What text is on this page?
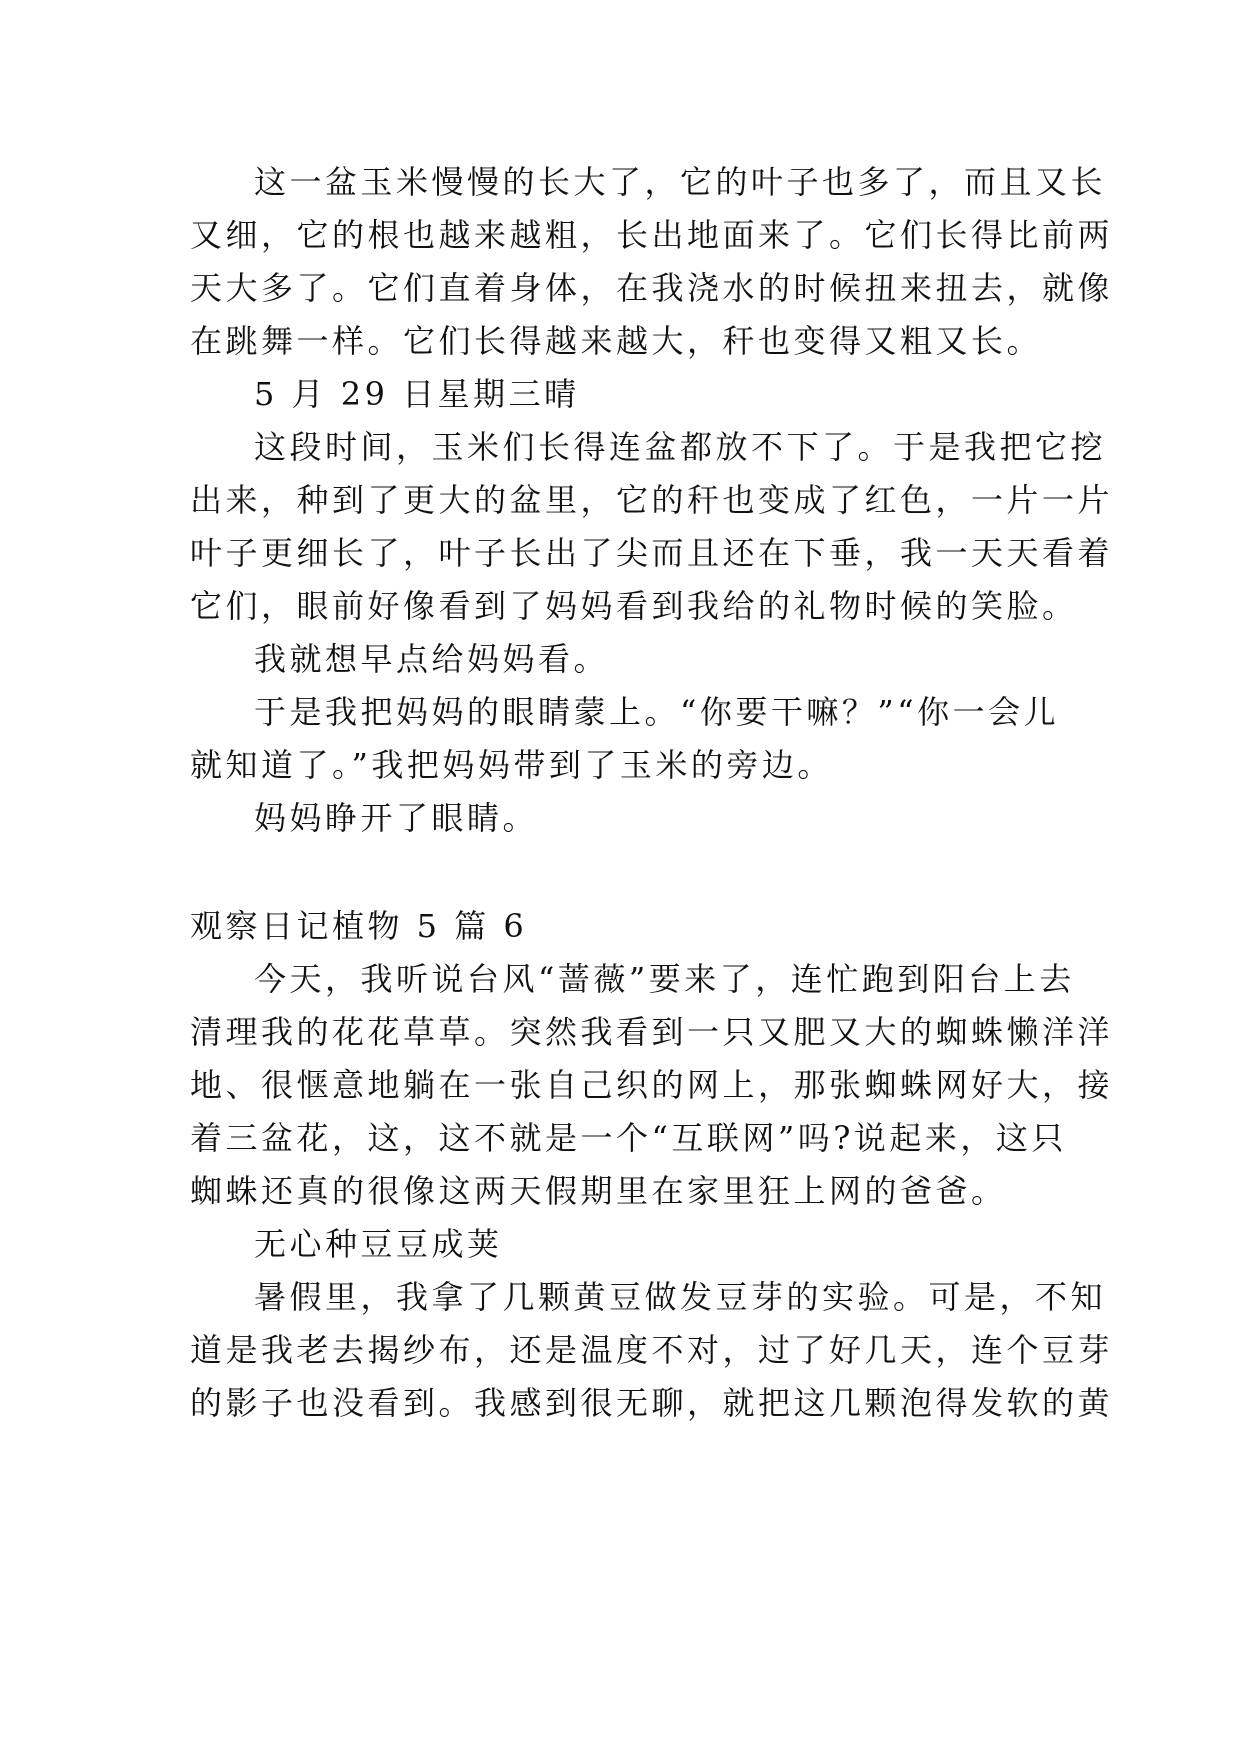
这一盆玉米慢慢的长大了，它的叶子也多了，而且又长
又细，它的根也越来越粗，长出地面来了。它们长得比前两
天大多了。它们直着身体，在我浇水的时候扭来扭去，就像
在跳舞一样。它们长得越来越大，秆也变得又粗又长。
5 月 29 日星期三晴
这段时间，玉米们长得连盆都放不下了。于是我把它挖
出来，种到了更大的盆里，它的秆也变成了红色，一片一片
叶子更细长了，叶子长出了尖而且还在下垂，我一天天看着
它们，眼前好像看到了妈妈看到我给的礼物时候的笑脸。
我就想早点给妈妈看。
于是我把妈妈的眼睛蒙上。“你要干嘛？”“你一会儿
就知道了。”我把妈妈带到了玉米的旁边。
妈妈睁开了眼睛。
观察日记植物 5 篇 6
今天，我听说台风“蔷薇”要来了，连忙跑到阳台上去
清理我的花花草草。突然我看到一只又肥又大的蜘蛛懒洋洋
地、很惬意地躺在一张自己织的网上，那张蜘蛛网好大，接
着三盆花，这，这不就是一个“互联网”吗?说起来，这只
蜘蛛还真的很像这两天假期里在家里狂上网的爸爸。
无心种豆豆成荚
暑假里，我拿了几颗黄豆做发豆芽的实验。可是，不知
道是我老去揭纱布，还是温度不对，过了好几天，连个豆芽
的影子也没看到。我感到很无聊，就把这几颗泡得发软的黄
